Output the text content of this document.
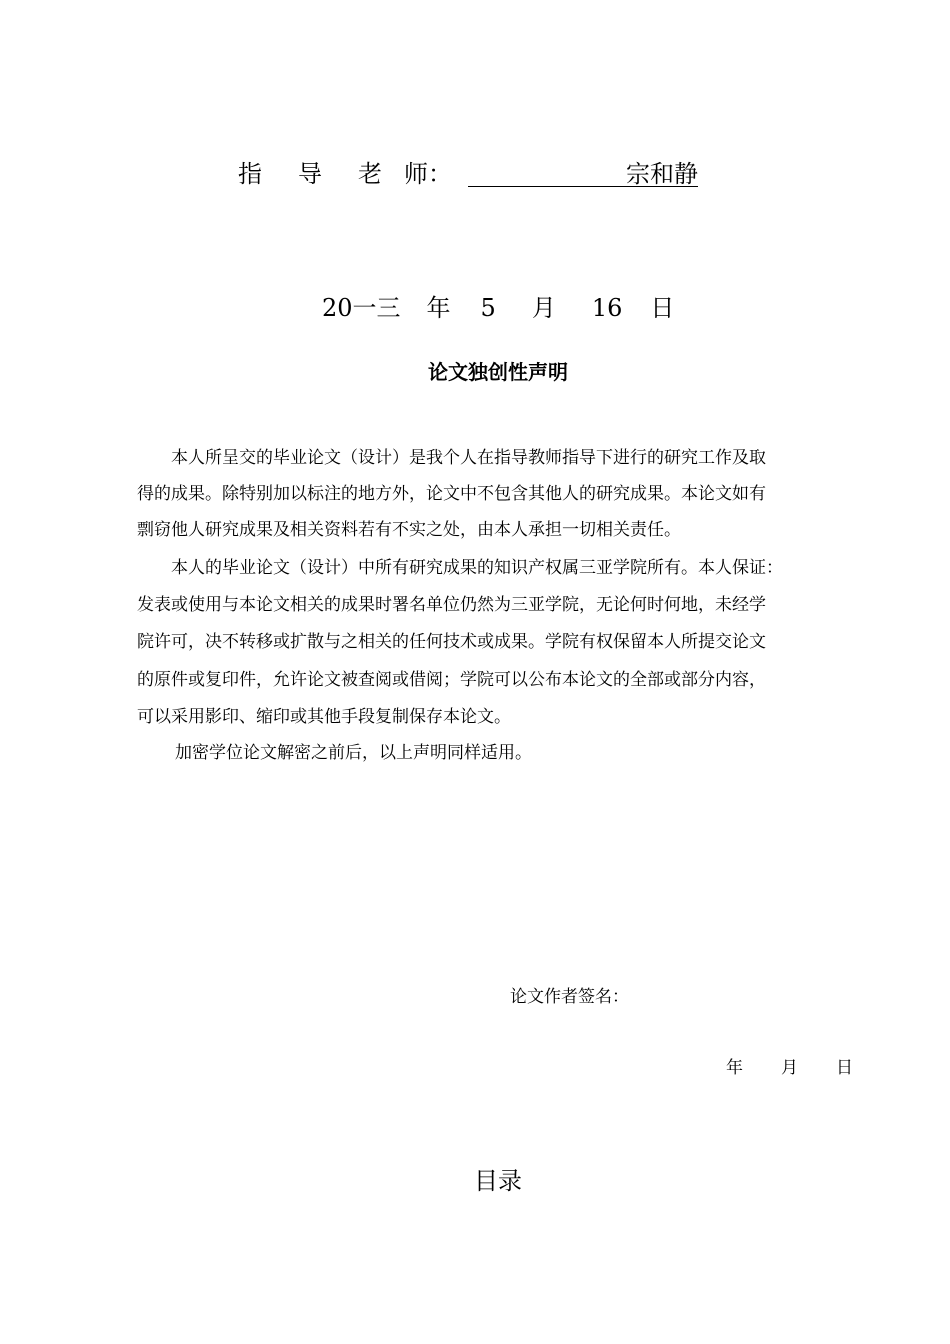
指 导 老 师：	宗和静
20一三 年 5 月 16 日
论文独创性声明
本人所呈交的毕业论文（设计）是我个人在指导教师指导下进行的研究工作及取
得的成果。除特别加以标注的地方外，论文中不包含其他人的研究成果。本论文如有
剽窃他人研究成果及相关资料若有不实之处，由本人承担一切相关责任。
本人的毕业论文（设计）中所有研究成果的知识产权属三亚学院所有。本人保证：
发表或使用与本论文相关的成果时署名单位仍然为三亚学院，无论何时何地，未经学
院许可，决不转移或扩散与之相关的任何技术或成果。学院有权保留本人所提交论文
的原件或复印件，允许论文被查阅或借阅；学院可以公布本论文的全部或部分内容，
可以采用影印、缩印或其他手段复制保存本论文。
加密学位论文解密之前后，以上声明同样适用。
论文作者签名：
年 月 日
目录
